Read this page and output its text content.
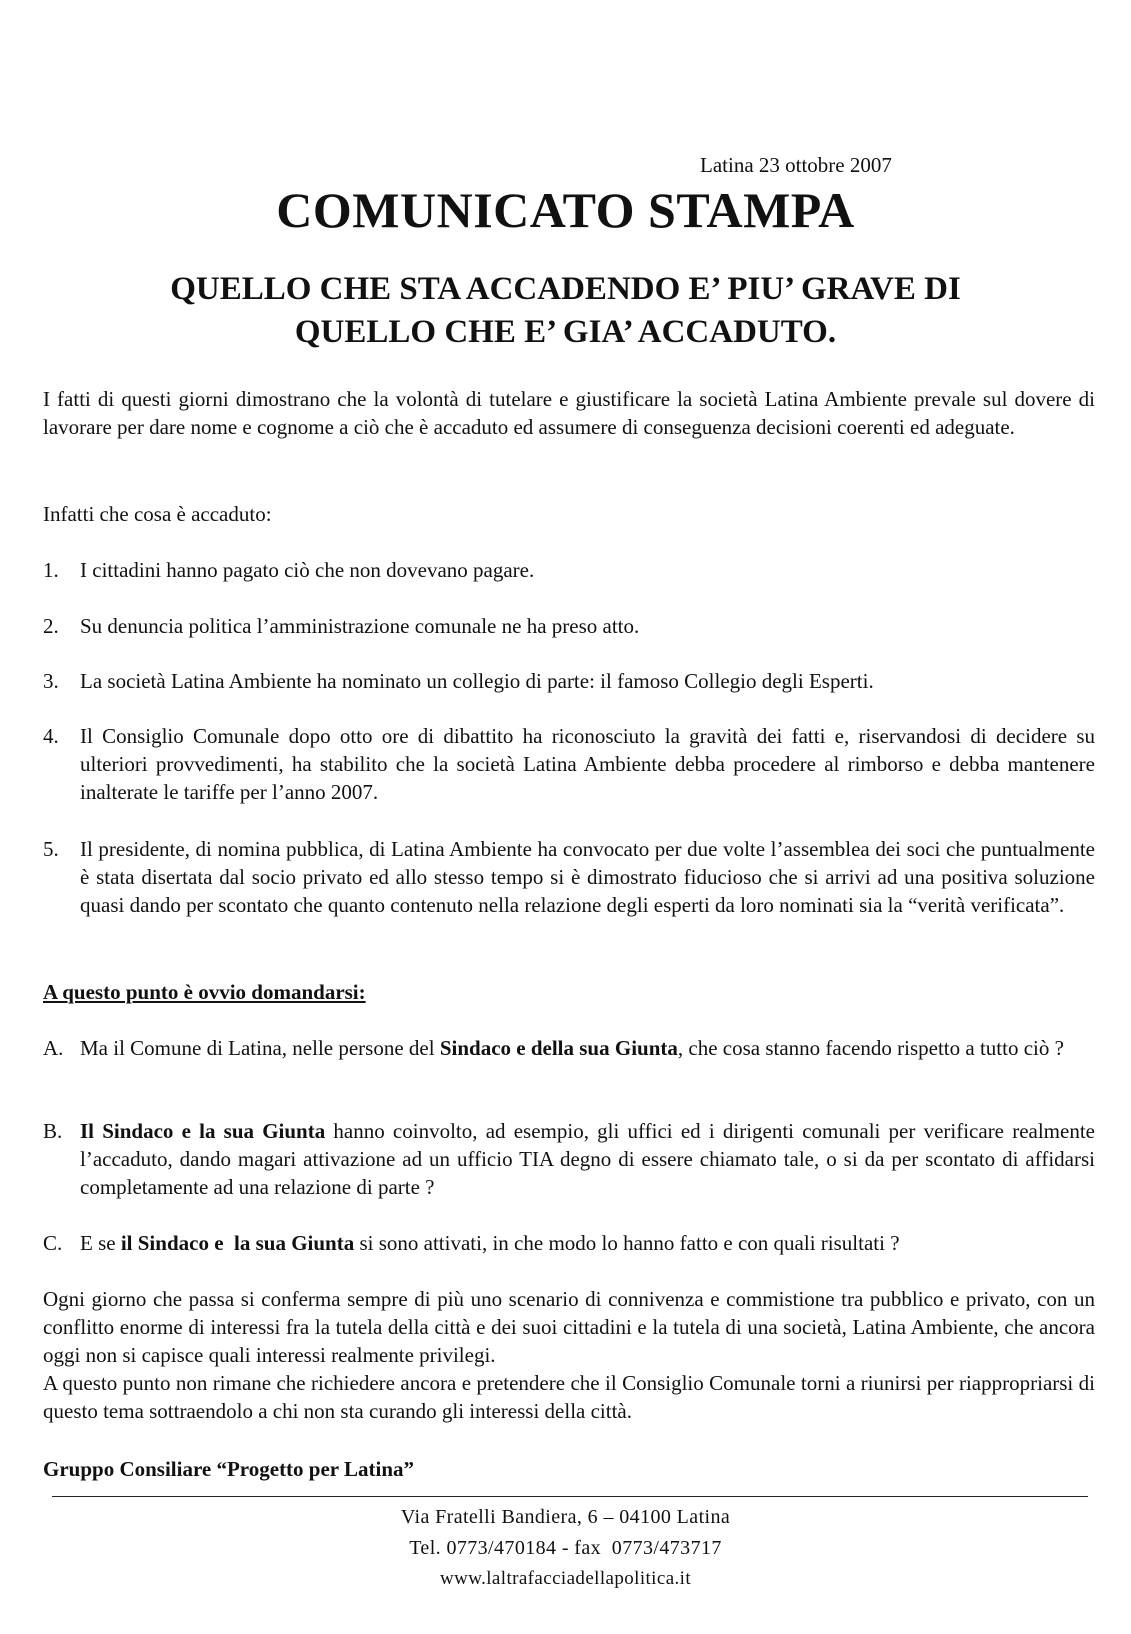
Latina 23 ottobre 2007
COMUNICATO STAMPA
QUELLO CHE STA ACCADENDO E’ PIU’ GRAVE DI
QUELLO CHE E’ GIA’ ACCADUTO.
I fatti di questi giorni dimostrano che la volontà di tutelare e giustificare la società Latina Ambiente prevale sul dovere di lavorare per dare nome e cognome a ciò che è accaduto ed assumere di conseguenza decisioni coerenti ed adeguate.
Infatti che cosa è accaduto:
1. I cittadini hanno pagato ciò che non dovevano pagare.
2. Su denuncia politica l’amministrazione comunale ne ha preso atto.
3. La società Latina Ambiente ha nominato un collegio di parte: il famoso Collegio degli Esperti.
4. Il Consiglio Comunale dopo otto ore di dibattito ha riconosciuto la gravità dei fatti e, riservandosi di decidere su ulteriori provvedimenti, ha stabilito che la società Latina Ambiente debba procedere al rimborso e debba mantenere inalterate le tariffe per l’anno 2007.
5. Il presidente, di nomina pubblica, di Latina Ambiente ha convocato per due volte l’assemblea dei soci che puntualmente è stata disertata dal socio privato ed allo stesso tempo si è dimostrato fiducioso che si arrivi ad una positiva soluzione quasi dando per scontato che quanto contenuto nella relazione degli esperti da loro nominati sia la “verità verificata”.
A questo punto è ovvio domandarsi:
A. Ma il Comune di Latina, nelle persone del Sindaco e della sua Giunta, che cosa stanno facendo rispetto a tutto ciò ?
B. Il Sindaco e la sua Giunta hanno coinvolto, ad esempio, gli uffici ed i dirigenti comunali per verificare realmente l’accaduto, dando magari attivazione ad un ufficio TIA degno di essere chiamato tale, o si da per scontato di affidarsi completamente ad una relazione di parte ?
C. E se il Sindaco e  la sua Giunta si sono attivati, in che modo lo hanno fatto e con quali risultati ?
Ogni giorno che passa si conferma sempre di più uno scenario di connivenza e commistione tra pubblico e privato, con un conflitto enorme di interessi fra la tutela della città e dei suoi cittadini e la tutela di una società, Latina Ambiente, che ancora oggi non si capisce quali interessi realmente privilegi.
A questo punto non rimane che richiedere ancora e pretendere che il Consiglio Comunale torni a riunirsi per riappropriarsi di questo tema sottraendolo a chi non sta curando gli interessi della città.
Gruppo Consiliare “Progetto per Latina”
Via Fratelli Bandiera, 6 – 04100 Latina
Tel. 0773/470184 - fax  0773/473717
www.laltrafacciadellapolitica.it
